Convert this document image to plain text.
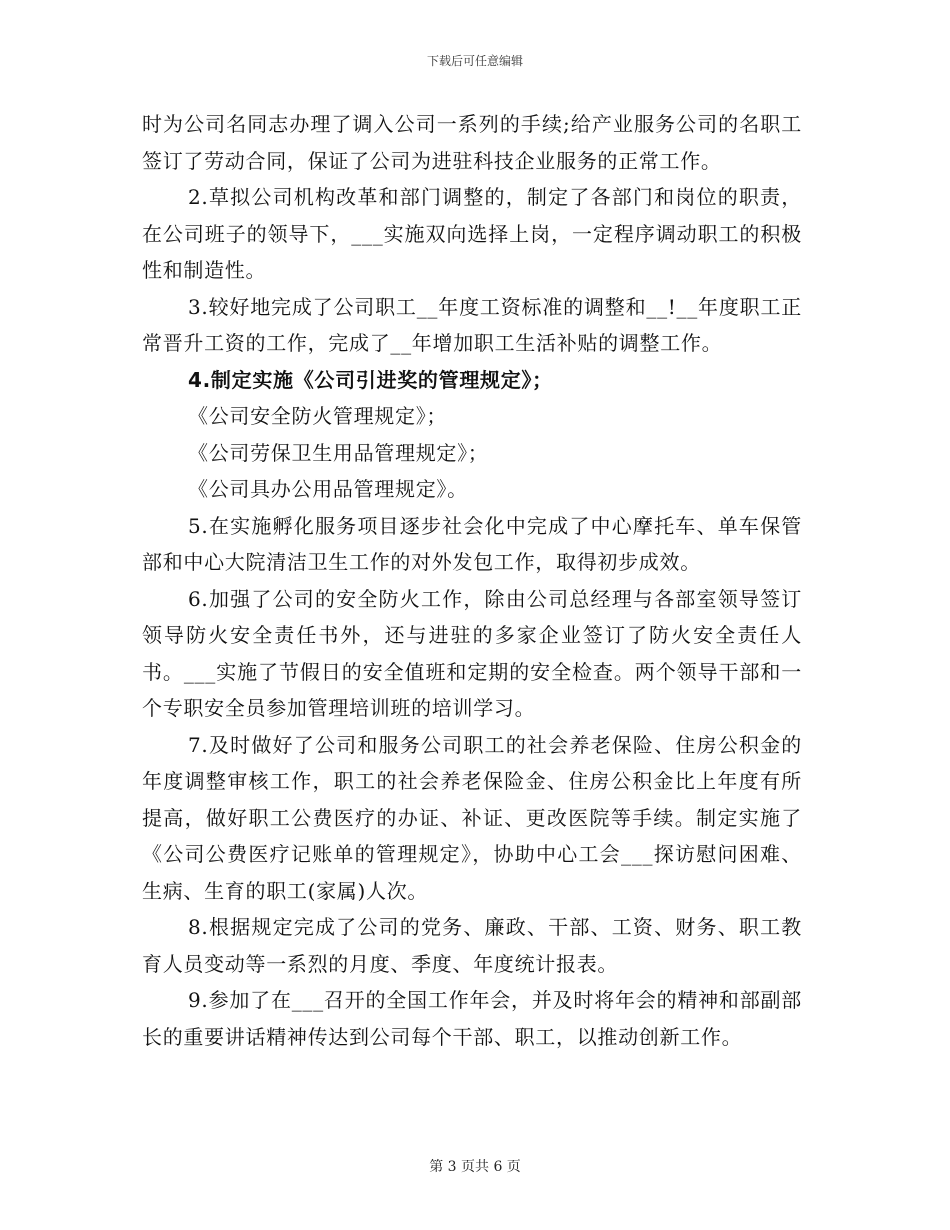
下载后可任意编辑

时为公司名同志办理了调入公司一系列的手续;给产业服务公司的名职工签订了劳动合同，保证了公司为进驻科技企业服务的正常工作。

2.草拟公司机构改革和部门调整的，制定了各部门和岗位的职责，在公司班子的领导下，___实施双向选择上岗，一定程序调动职工的积极性和制造性。

3.较好地完成了公司职工__年度工资标准的调整和__!__年度职工正常晋升工资的工作，完成了__年增加职工生活补贴的调整工作。

4.制定实施《公司引进奖的管理规定》；

《公司安全防火管理规定》；

《公司劳保卫生用品管理规定》；

《公司具办公用品管理规定》。

5.在实施孵化服务项目逐步社会化中完成了中心摩托车、单车保管部和中心大院清洁卫生工作的对外发包工作，取得初步成效。

6.加强了公司的安全防火工作，除由公司总经理与各部室领导签订领导防火安全责任书外，还与进驻的多家企业签订了防火安全责任人书。___实施了节假日的安全值班和定期的安全检查。两个领导干部和一个专职安全员参加管理培训班的培训学习。

7.及时做好了公司和服务公司职工的社会养老保险、住房公积金的年度调整审核工作，职工的社会养老保险金、住房公积金比上年度有所提高，做好职工公费医疗的办证、补证、更改医院等手续。制定实施了《公司公费医疗记账单的管理规定》，协助中心工会___探访慰问困难、生病、生育的职工(家属)人次。

8.根据规定完成了公司的党务、廉政、干部、工资、财务、职工教育人员变动等一系烈的月度、季度、年度统计报表。

9.参加了在___召开的全国工作年会，并及时将年会的精神和部副部长的重要讲话精神传达到公司每个干部、职工，以推动创新工作。

第 3 页共 6 页
